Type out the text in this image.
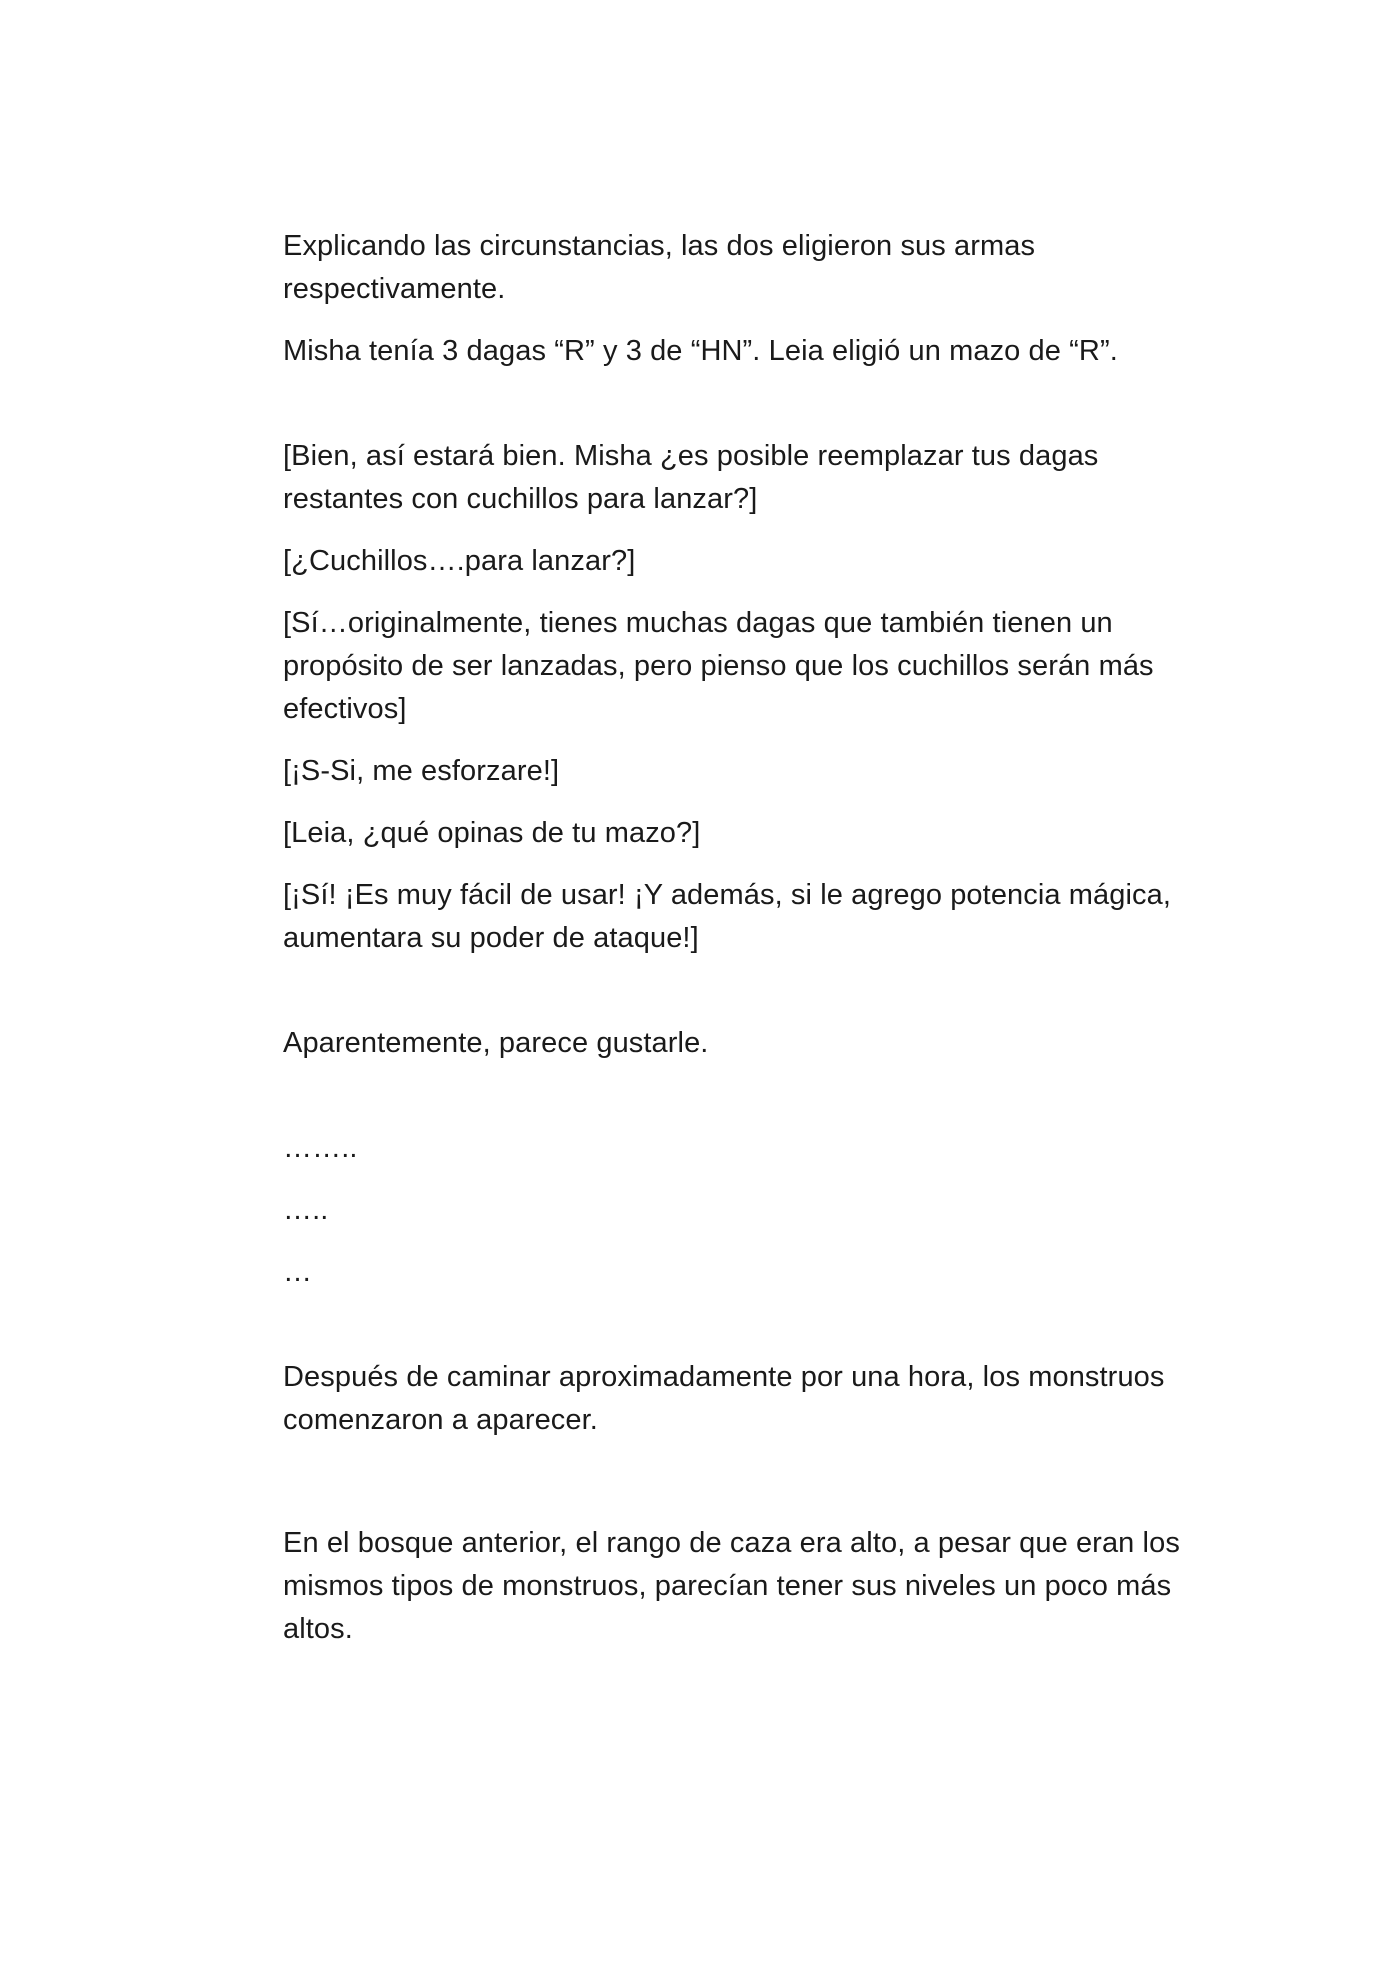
Explicando las circunstancias, las dos eligieron sus armas respectivamente.

Misha tenía 3 dagas “R” y 3 de “HN”. Leia eligió un mazo de “R”.

[Bien, así estará bien. Misha ¿es posible reemplazar tus dagas restantes con cuchillos para lanzar?]

[¿Cuchillos….para lanzar?]

[Sí…originalmente, tienes muchas dagas que también tienen un propósito de ser lanzadas, pero pienso que los cuchillos serán más efectivos]

[¡S-Si, me esforzare!]

[Leia, ¿qué opinas de tu mazo?]

[¡Sí! ¡Es muy fácil de usar! ¡Y además, si le agrego potencia mágica, aumentara su poder de ataque!]

Aparentemente, parece gustarle.

……..

…..

…

Después de caminar aproximadamente por una hora, los monstruos comenzaron a aparecer.

En el bosque anterior, el rango de caza era alto, a pesar que eran los mismos tipos de monstruos, parecían tener sus niveles un poco más altos.
